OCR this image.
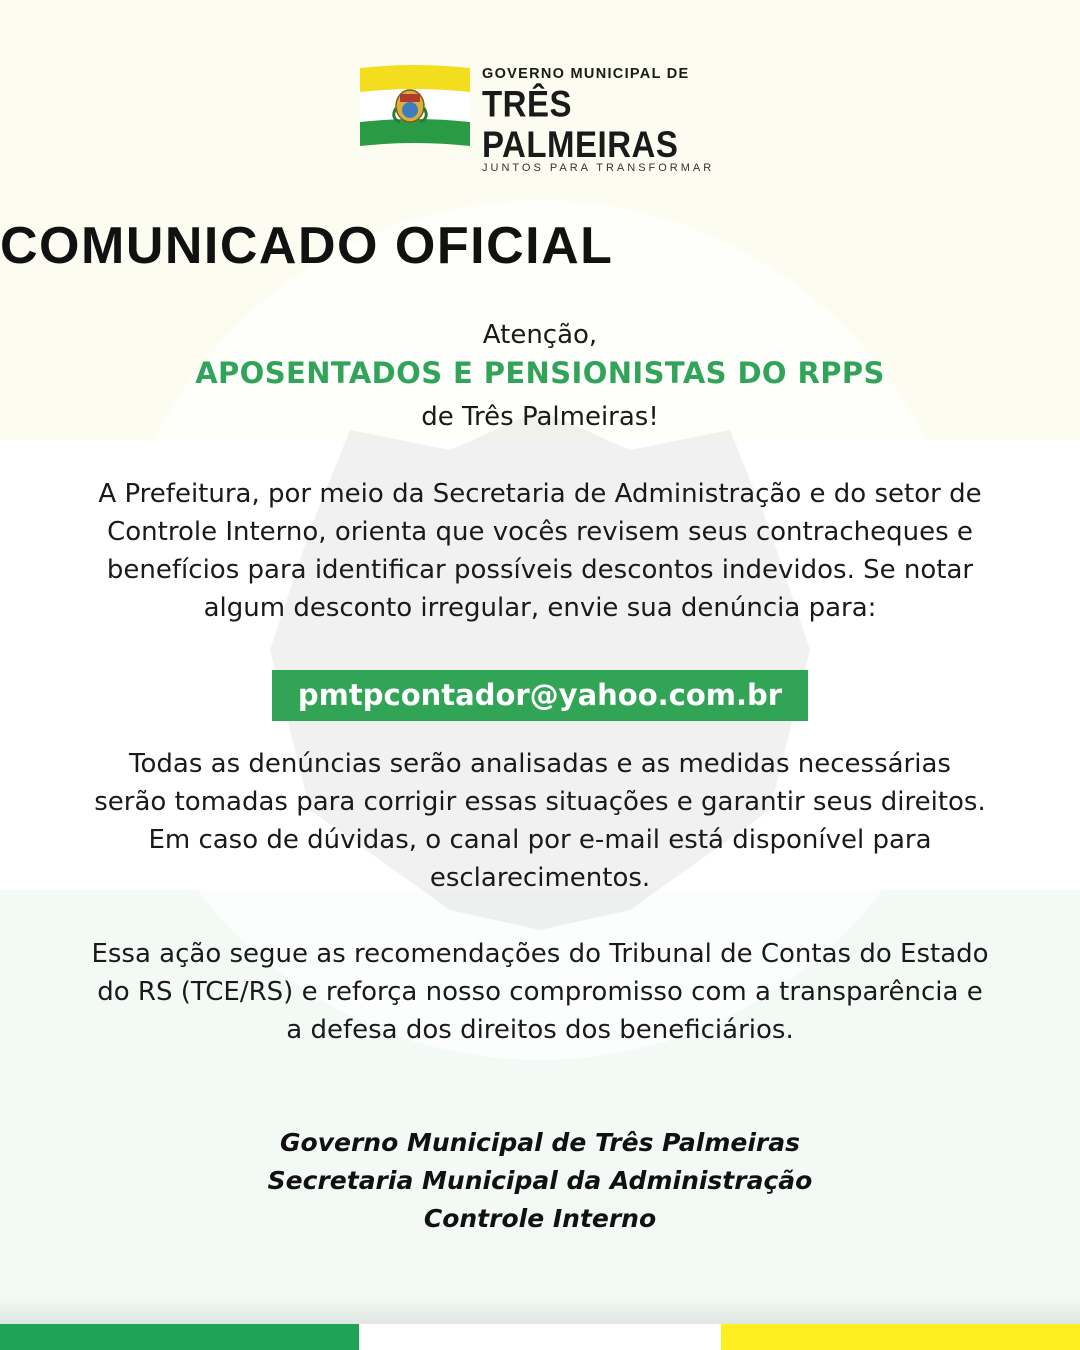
GOVERNO MUNICIPAL DE
TRÊS PALMEIRAS
JUNTOS PARA TRANSFORMAR
COMUNICADO OFICIAL
Atenção,
APOSENTADOS E PENSIONISTAS DO RPPS
de Três Palmeiras!
A Prefeitura, por meio da Secretaria de Administração e do setor de Controle Interno, orienta que vocês revisem seus contracheques e benefícios para identificar possíveis descontos indevidos. Se notar algum desconto irregular, envie sua denúncia para:
pmtpcontador@yahoo.com.br
Todas as denúncias serão analisadas e as medidas necessárias serão tomadas para corrigir essas situações e garantir seus direitos. Em caso de dúvidas, o canal por e-mail está disponível para esclarecimentos.
Essa ação segue as recomendações do Tribunal de Contas do Estado do RS (TCE/RS) e reforça nosso compromisso com a transparência e a defesa dos direitos dos beneficiários.
Governo Municipal de Três Palmeiras
Secretaria Municipal da Administração
Controle Interno
